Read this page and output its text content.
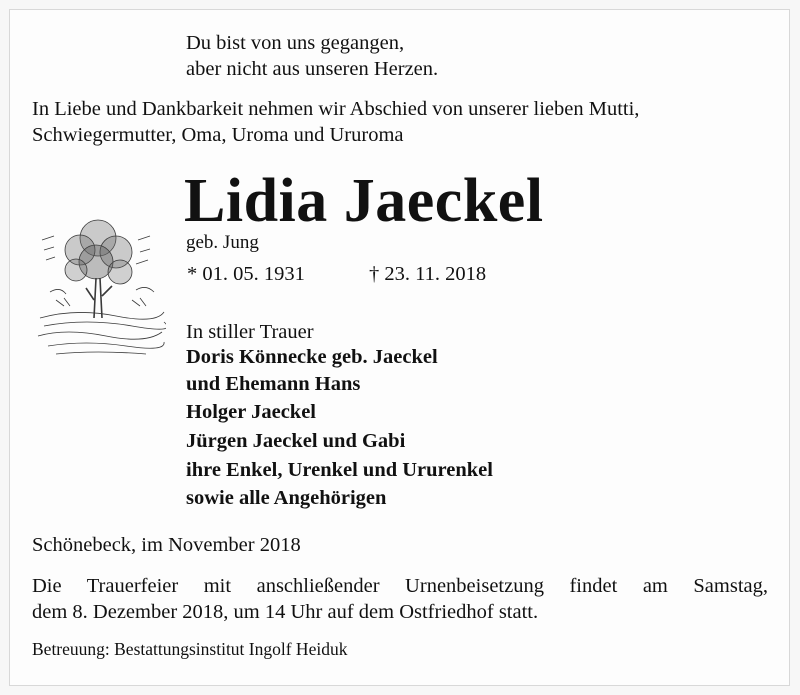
Du bist von uns gegangen,
aber nicht aus unseren Herzen.
In Liebe und Dankbarkeit nehmen wir Abschied von unserer lieben Mutti,
Schwiegermutter, Oma, Uroma und Ururoma
Lidia Jaeckel
geb. Jung
* 01. 05. 1931	† 23. 11. 2018
In stiller Trauer
Doris Könnecke geb. Jaeckel
und Ehemann Hans
Holger Jaeckel
Jürgen Jaeckel und Gabi
ihre Enkel, Urenkel und Ururenkel
sowie alle Angehörigen
Schönebeck, im November 2018
Die Trauerfeier mit anschließender Urnenbeisetzung findet am Samstag,
dem 8. Dezember 2018, um 14 Uhr auf dem Ostfriedhof statt.
Betreuung: Bestattungsinstitut Ingolf Heiduk
